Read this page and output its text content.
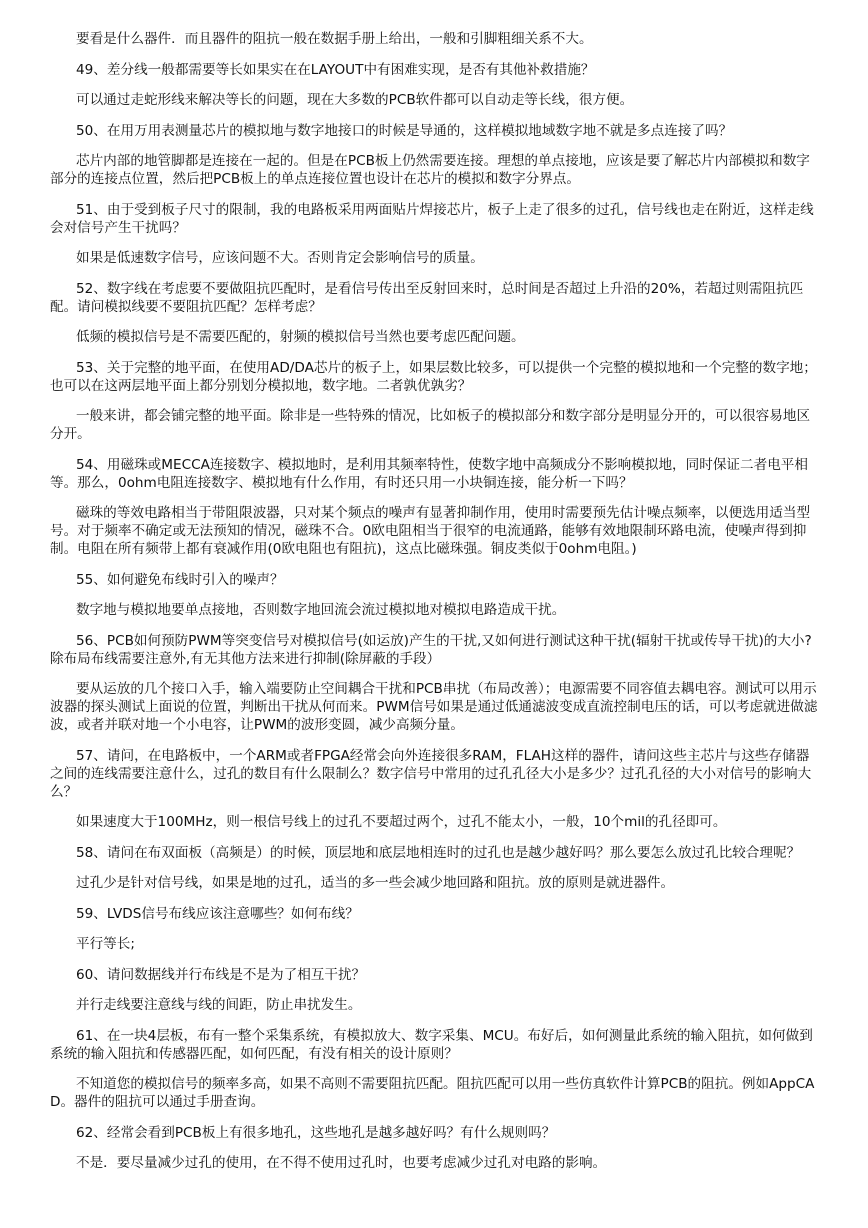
要看是什么器件．而且器件的阻抗一般在数据手册上给出，一般和引脚粗细关系不大。

49、差分线一般都需要等长如果实在在LAYOUT中有困难实现，是否有其他补救措施？

可以通过走蛇形线来解决等长的问题，现在大多数的PCB软件都可以自动走等长线，很方便。

50、在用万用表测量芯片的模拟地与数字地接口的时候是导通的，这样模拟地域数字地不就是多点连接了吗？

芯片内部的地管脚都是连接在一起的。但是在PCB板上仍然需要连接。理想的单点接地，应该是要了解芯片内部模拟和数字部分的连接点位置，然后把PCB板上的单点连接位置也设计在芯片的模拟和数字分界点。

51、由于受到板子尺寸的限制，我的电路板采用两面贴片焊接芯片，板子上走了很多的过孔，信号线也走在附近，这样走线会对信号产生干扰吗？

如果是低速数字信号，应该问题不大。否则肯定会影响信号的质量。

52、数字线在考虑要不要做阻抗匹配时，是看信号传出至反射回来时，总时间是否超过上升沿的20%，若超过则需阻抗匹配。请问模拟线要不要阻抗匹配？怎样考虑？

低频的模拟信号是不需要匹配的，射频的模拟信号当然也要考虑匹配问题。

53、关于完整的地平面，在使用AD/DA芯片的板子上，如果层数比较多，可以提供一个完整的模拟地和一个完整的数字地；也可以在这两层地平面上都分别划分模拟地，数字地。二者孰优孰劣？

一般来讲，都会铺完整的地平面。除非是一些特殊的情况，比如板子的模拟部分和数字部分是明显分开的，可以很容易地区分开。

54、用磁珠或MECCA连接数字、模拟地时，是利用其频率特性，使数字地中高频成分不影响模拟地，同时保证二者电平相等。那么，0ohm电阻连接数字、模拟地有什么作用，有时还只用一小块铜连接，能分析一下吗？

磁珠的等效电路相当于带阻限波器，只对某个频点的噪声有显著抑制作用，使用时需要预先估计噪点频率，以便选用适当型号。对于频率不确定或无法预知的情况，磁珠不合。0欧电阻相当于很窄的电流通路，能够有效地限制环路电流，使噪声得到抑制。电阻在所有频带上都有衰减作用(0欧电阻也有阻抗)，这点比磁珠强。铜皮类似于0ohm电阻。)

55、如何避免布线时引入的噪声？

数字地与模拟地要单点接地，否则数字地回流会流过模拟地对模拟电路造成干扰。

56、PCB如何预防PWM等突变信号对模拟信号(如运放)产生的干扰,又如何进行测试这种干扰(辐射干扰或传导干扰)的大小?除布局布线需要注意外,有无其他方法来进行抑制(除屏蔽的手段）

要从运放的几个接口入手，输入端要防止空间耦合干扰和PCB串扰（布局改善）；电源需要不同容值去耦电容。测试可以用示波器的探头测试上面说的位置，判断出干扰从何而来。PWM信号如果是通过低通滤波变成直流控制电压的话，可以考虑就进做滤波，或者并联对地一个小电容，让PWM的波形变圆，减少高频分量。

57、请问，在电路板中，一个ARM或者FPGA经常会向外连接很多RAM，FLAH这样的器件，请问这些主芯片与这些存储器之间的连线需要注意什么，过孔的数目有什么限制么？数字信号中常用的过孔孔径大小是多少？过孔孔径的大小对信号的影响大么？

如果速度大于100MHz，则一根信号线上的过孔不要超过两个，过孔不能太小，一般，10个mil的孔径即可。

58、请问在布双面板（高频是）的时候，顶层地和底层地相连时的过孔也是越少越好吗？那么要怎么放过孔比较合理呢？

过孔少是针对信号线，如果是地的过孔，适当的多一些会减少地回路和阻抗。放的原则是就进器件。

59、LVDS信号布线应该注意哪些？如何布线？

平行等长;

60、请问数据线并行布线是不是为了相互干扰？

并行走线要注意线与线的间距，防止串扰发生。

61、在一块4层板，布有一整个采集系统，有模拟放大、数字采集、MCU。布好后，如何测量此系统的输入阻抗，如何做到系统的输入阻抗和传感器匹配，如何匹配，有没有相关的设计原则？

不知道您的模拟信号的频率多高，如果不高则不需要阻抗匹配。阻抗匹配可以用一些仿真软件计算PCB的阻抗。例如AppCAD。器件的阻抗可以通过手册查询。

62、经常会看到PCB板上有很多地孔，这些地孔是越多越好吗？有什么规则吗？

不是．要尽量减少过孔的使用，在不得不使用过孔时，也要考虑减少过孔对电路的影响。
